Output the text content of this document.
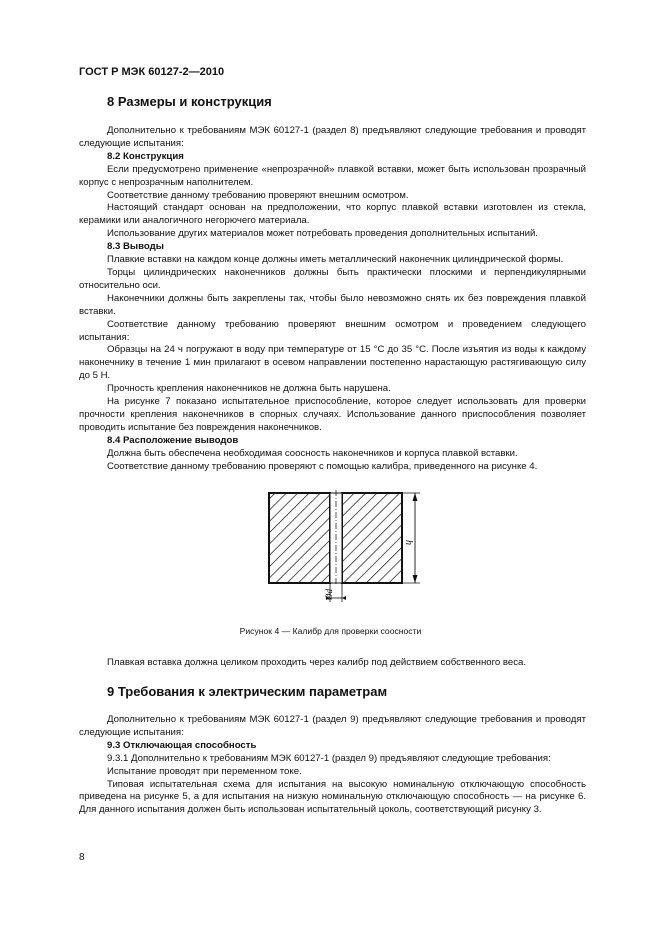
ГОСТ Р МЭК 60127-2—2010
8 Размеры и конструкция

Дополнительно к требованиям МЭК 60127-1 (раздел 8) предъявляют следующие требования и проводят следующие испытания:

8.2 Конструкция

Если предусмотрено применение «непрозрачной» плавкой вставки, может быть использован прозрачный корпус с непрозрачным наполнителем.

Соответствие данному требованию проверяют внешним осмотром.

Настоящий стандарт основан на предположении, что корпус плавкой вставки изготовлен из стекла, керамики или аналогичного негорючего материала.

Использование других материалов может потребовать проведения дополнительных испытаний.

8.3 Выводы

Плавкие вставки на каждом конце должны иметь металлический наконечник цилиндрической формы.

Торцы цилиндрических наконечников должны быть практически плоскими и перпендикулярными относительно оси.

Наконечники должны быть закреплены так, чтобы было невозможно снять их без повреждения плавкой вставки.

Соответствие данному требованию проверяют внешним осмотром и проведением следующего испытания:

Образцы на 24 ч погружают в воду при температуре от 15 °С до 35 °С. После изъятия из воды к каждому наконечнику в течение 1 мин прилагают в осевом направлении постепенно нарастающую растягивающую силу до 5 Н.

Прочность крепления наконечников не должна быть нарушена.

На рисунке 7 показано испытательное приспособление, которое следует использовать для проверки прочности крепления наконечников в спорных случаях. Использование данного приспособления позволяет проводить испытание без повреждения наконечников.

8.4 Расположение выводов

Должна быть обеспечена необходимая соосность наконечников и корпуса плавкой вставки.

Соответствие данному требованию проверяют с помощью калибра, приведенного на рисунке 4.

h
Ød
Рисунок 4 — Калибр для проверки соосности

Плавкая вставка должна целиком проходить через калибр под действием собственного веса.

9 Требования к электрическим параметрам

Дополнительно к требованиям МЭК 60127-1 (раздел 9) предъявляют следующие требования и проводят следующие испытания:

9.3 Отключающая способность

9.3.1 Дополнительно к требованиям МЭК 60127-1 (раздел 9) предъявляют следующие требования:

Испытание проводят при переменном токе.

Типовая испытательная схема для испытания на высокую номинальную отключающую способность приведена на рисунке 5, а для испытания на низкую номинальную отключающую способность — на рисунке 6. Для данного испытания должен быть использован испытательный цоколь, соответствующий рисунку 3.

8
